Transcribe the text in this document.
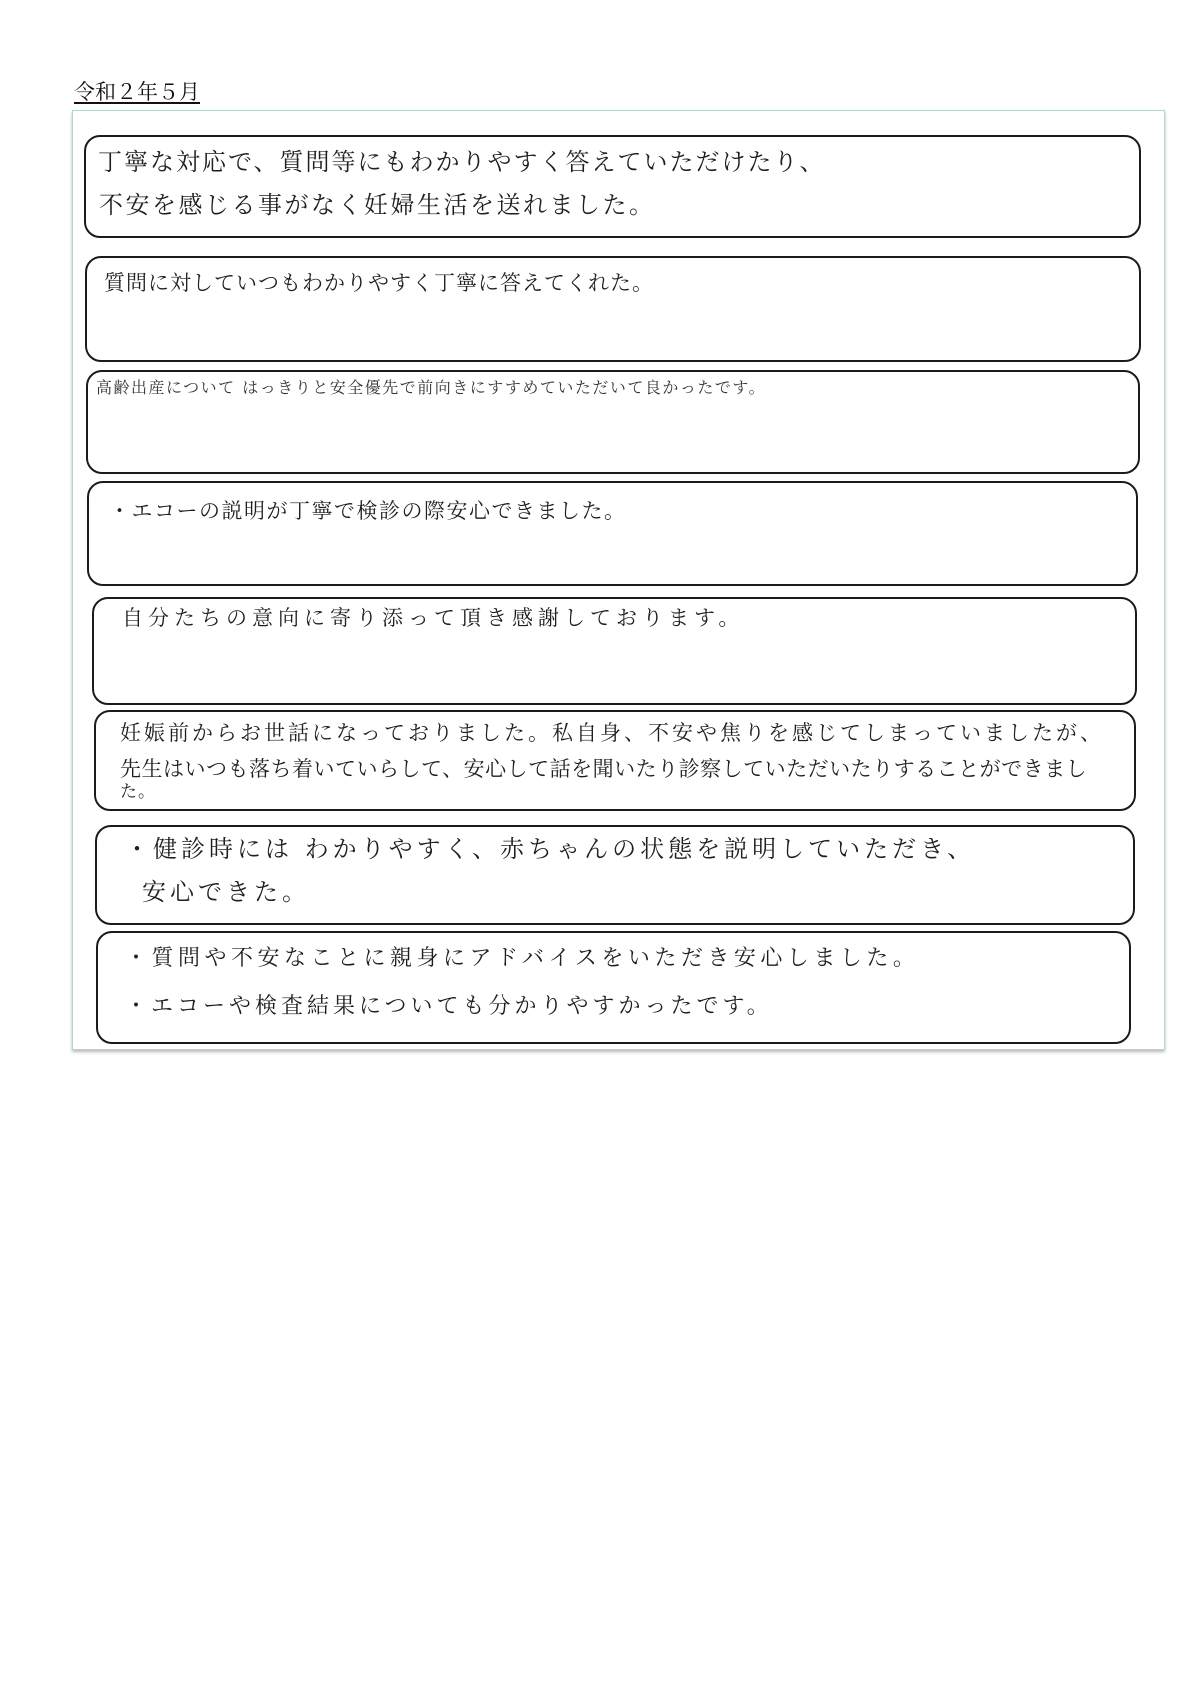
令和２年５月
丁寧な対応で、質問等にもわかりやすく答えていただけたり、
不安を感じる事がなく妊婦生活を送れました。
質問に対していつもわかりやすく丁寧に答えてくれた。
高齢出産について はっきりと安全優先で前向きにすすめていただいて良かったです。
・エコーの説明が丁寧で検診の際安心できました。
自分たちの意向に寄り添って頂き感謝しております。
妊娠前からお世話になっておりました。私自身、不安や焦りを感じてしまっていましたが、
先生はいつも落ち着いていらして、安心して話を聞いたり診察していただいたりすることができまし
た。
・健診時には わかりやすく、赤ちゃんの状態を説明していただき、
安心できた。
・質問や不安なことに親身にアドバイスをいただき安心しました。
・エコーや検査結果についても分かりやすかったです。
